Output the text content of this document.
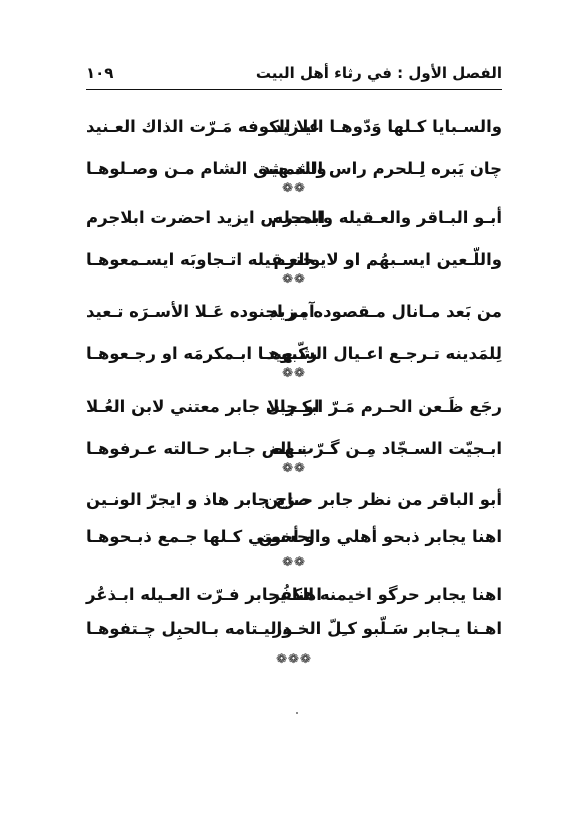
١٠٩	الفصل الأول : في رثاء أهل البيت
والسـبايا كـلها وَدّوهـا اليـزيد
علا الكوفه مَـرّت الذاك العـنيد
چان يَبره لِـلحرم راس الشـهيد
والدمشق الشام مـن وصـلوهـا
❁❁
أبـو البـاقر والعـقيله والحـرم
ابمجلس ايزيد احضرت ابلاجرم
واللّـعين ايسـبهُم او لايـحترم
والعـقيله اتـجاوبَه ايسـمعوهـا
❁❁
من بَعد مـانال مـقصوده يـزيد
آمر اجنوده عَـلا الأسـرَه تـعيد
لِلمَدينه تـرجـع اعـيال الشـهيد
ركّبوهـا ابـمكرمَه او رجـعوهـا
❁❁
رجَع ظَـعن الحـرم مَـرّ ابكـربلا
او چان جابر معتني لابن العُـلا
ابـجيّت السـجّاد مِـن گـرّب إله
نـهض جـابر حـالته عـرفوهـا
❁❁
أبو الباقر من نظر جابر حـزين
صاح جابر هاذ و ايجرّ الونـين
اهنا يجابر ذبحو أهلي والحسين
و أخوتي كـلها جـمع ذبـحوهـا
❁❁
اهنا يجابر حرگو اخيمنه الكفُر
اهنا يجابر فـرّت العـيله ابـذعُر
اهـنا يـجابر سَـلّبو كـِلّ الخـدر
واليـتامه بـالحبِل چـتفوهـا
❁❁❁
